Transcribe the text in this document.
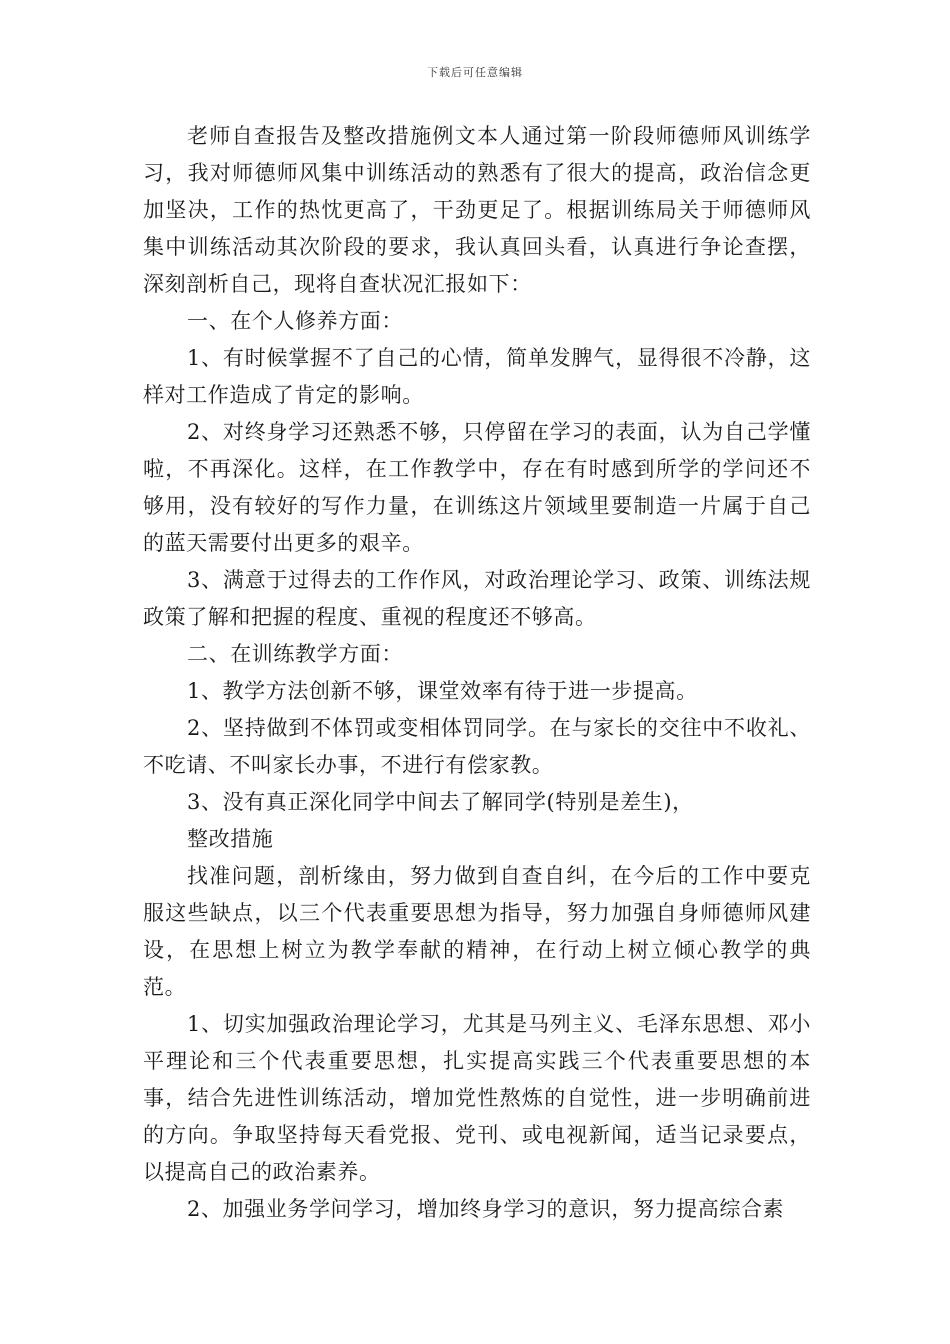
下载后可任意编辑

老师自查报告及整改措施例文本人通过第一阶段师德师风训练学习，我对师德师风集中训练活动的熟悉有了很大的提高，政治信念更加坚决，工作的热忱更高了，干劲更足了。根据训练局关于师德师风集中训练活动其次阶段的要求，我认真回头看，认真进行争论查摆，深刻剖析自己，现将自查状况汇报如下：

一、在个人修养方面：

1、有时候掌握不了自己的心情，简单发脾气，显得很不冷静，这样对工作造成了肯定的影响。

2、对终身学习还熟悉不够，只停留在学习的表面，认为自己学懂啦，不再深化。这样，在工作教学中，存在有时感到所学的学问还不够用，没有较好的写作力量，在训练这片领域里要制造一片属于自己的蓝天需要付出更多的艰辛。

3、满意于过得去的工作作风，对政治理论学习、政策、训练法规政策了解和把握的程度、重视的程度还不够高。

二、在训练教学方面：

1、教学方法创新不够，课堂效率有待于进一步提高。

2、坚持做到不体罚或变相体罚同学。在与家长的交往中不收礼、不吃请、不叫家长办事，不进行有偿家教。

3、没有真正深化同学中间去了解同学(特别是差生)，

整改措施

找准问题，剖析缘由，努力做到自查自纠，在今后的工作中要克服这些缺点，以三个代表重要思想为指导，努力加强自身师德师风建设，在思想上树立为教学奉献的精神，在行动上树立倾心教学的典范。

1、切实加强政治理论学习，尤其是马列主义、毛泽东思想、邓小平理论和三个代表重要思想，扎实提高实践三个代表重要思想的本事，结合先进性训练活动，增加党性熬炼的自觉性，进一步明确前进的方向。争取坚持每天看党报、党刊、或电视新闻，适当记录要点，以提高自己的政治素养。

2、加强业务学问学习，增加终身学习的意识，努力提高综合素
